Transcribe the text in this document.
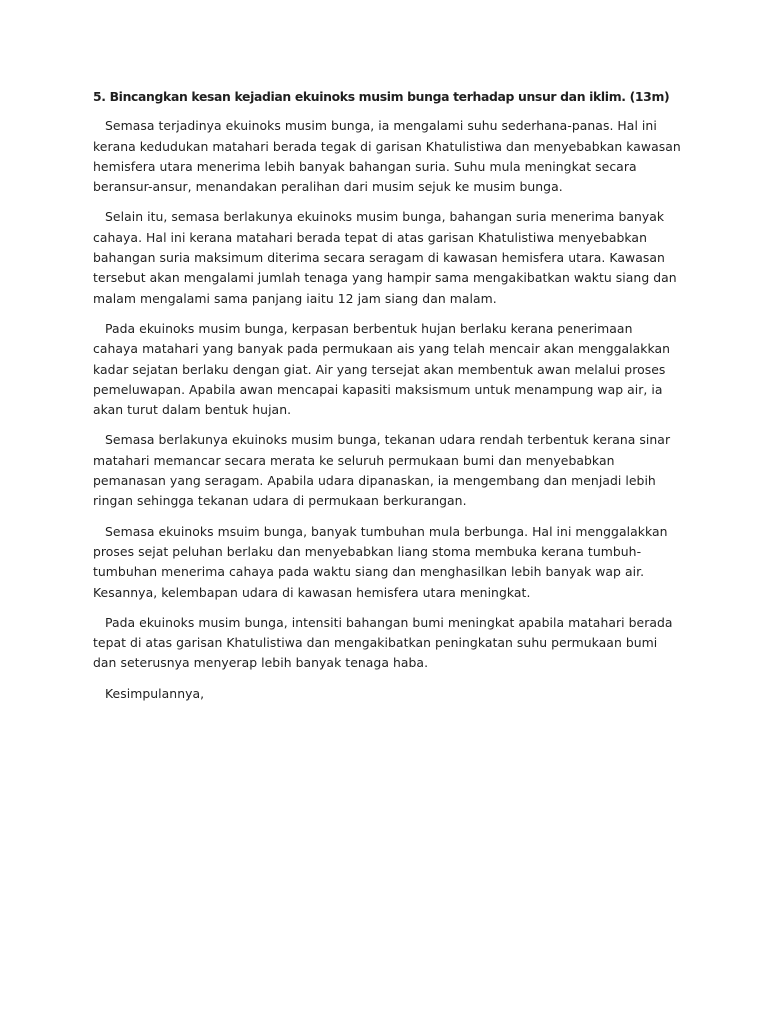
5. Bincangkan kesan kejadian ekuinoks musim bunga terhadap unsur dan iklim. (13m)
Semasa terjadinya ekuinoks musim bunga, ia mengalami suhu sederhana-panas. Hal ini
kerana kedudukan matahari berada tegak di garisan Khatulistiwa dan menyebabkan kawasan
hemisfera utara menerima lebih banyak bahangan suria. Suhu mula meningkat secara
beransur-ansur, menandakan peralihan dari musim sejuk ke musim bunga.
Selain itu, semasa berlakunya ekuinoks musim bunga, bahangan suria menerima banyak
cahaya. Hal ini kerana matahari berada tepat di atas garisan Khatulistiwa menyebabkan
bahangan suria maksimum diterima secara seragam di kawasan hemisfera utara. Kawasan
tersebut akan mengalami jumlah tenaga yang hampir sama mengakibatkan waktu siang dan
malam mengalami sama panjang iaitu 12 jam siang dan malam.
Pada ekuinoks musim bunga, kerpasan berbentuk hujan berlaku kerana penerimaan
cahaya matahari yang banyak pada permukaan ais yang telah mencair akan menggalakkan
kadar sejatan berlaku dengan giat. Air yang tersejat akan membentuk awan melalui proses
pemeluwapan. Apabila awan mencapai kapasiti maksismum untuk menampung wap air, ia
akan turut dalam bentuk hujan.
Semasa berlakunya ekuinoks musim bunga, tekanan udara rendah terbentuk kerana sinar
matahari memancar secara merata ke seluruh permukaan bumi dan menyebabkan
pemanasan yang seragam. Apabila udara dipanaskan, ia mengembang dan menjadi lebih
ringan sehingga tekanan udara di permukaan berkurangan.
Semasa ekuinoks msuim bunga, banyak tumbuhan mula berbunga. Hal ini menggalakkan
proses sejat peluhan berlaku dan menyebabkan liang stoma membuka kerana tumbuh-
tumbuhan menerima cahaya pada waktu siang dan menghasilkan lebih banyak wap air.
Kesannya, kelembapan udara di kawasan hemisfera utara meningkat.
Pada ekuinoks musim bunga, intensiti bahangan bumi meningkat apabila matahari berada
tepat di atas garisan Khatulistiwa dan mengakibatkan peningkatan suhu permukaan bumi
dan seterusnya menyerap lebih banyak tenaga haba.
Kesimpulannya,
